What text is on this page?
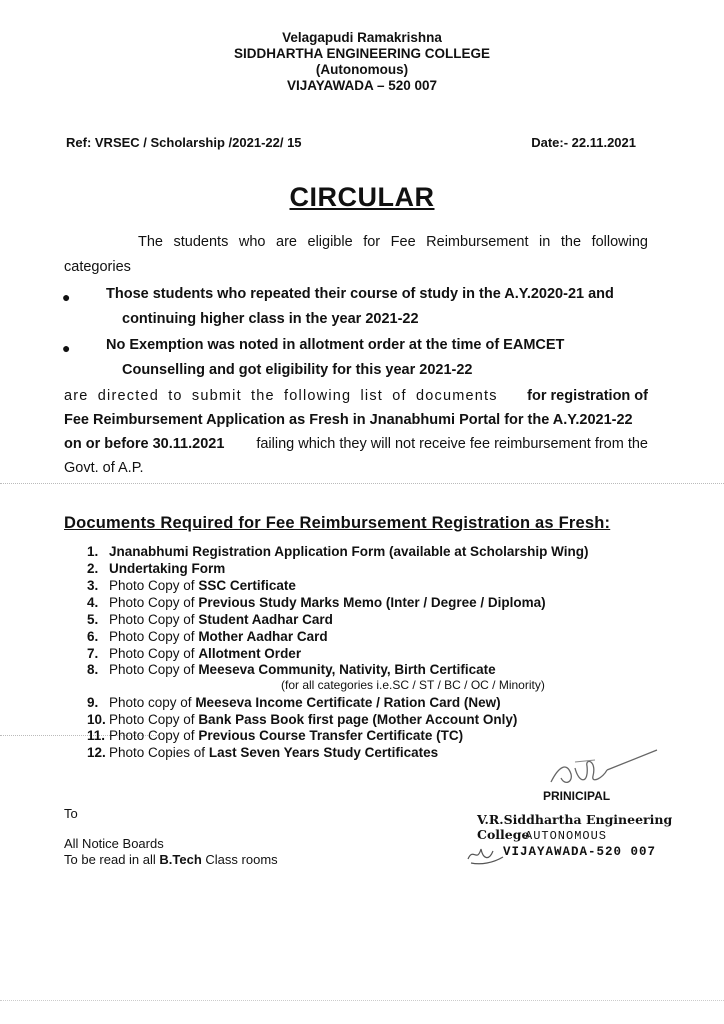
Velagapudi Ramakrishna
SIDDHARTHA ENGINEERING COLLEGE
(Autonomous)
VIJAYAWADA – 520 007
Ref: VRSEC / Scholarship /2021-22/ 15	Date:- 22.11.2021
CIRCULAR
The students who are eligible for Fee Reimbursement in the following
categories
● Those students who repeated their course of study in the A.Y.2020-21 and
continuing higher class in the year 2021-22
● No Exemption was noted in allotment order at the time of EAMCET
Counselling and got eligibility for this year 2021-22
are directed to submit the following list of documents for registration of
Fee Reimbursement Application as Fresh in Jnanabhumi Portal for the A.Y.2021-22
on or before 30.11.2021 failing which they will not receive fee reimbursement from the
Govt. of A.P.
Documents Required for Fee Reimbursement Registration as Fresh:
1. Jnanabhumi Registration Application Form (available at Scholarship Wing)
2. Undertaking Form
3. Photo Copy of SSC Certificate
4. Photo Copy of Previous Study Marks Memo (Inter / Degree / Diploma)
5. Photo Copy of Student Aadhar Card
6. Photo Copy of Mother Aadhar Card
7. Photo Copy of Allotment Order
8. Photo Copy of Meeseva Community, Nativity, Birth Certificate
(for all categories i.e.SC / ST / BC / OC / Minority)
9. Photo copy of Meeseva Income Certificate / Ration Card (New)
10. Photo Copy of Bank Pass Book first page (Mother Account Only)
11. Photo Copy of Previous Course Transfer Certificate (TC)
12. Photo Copies of Last Seven Years Study Certificates
To
All Notice Boards
To be read in all B.Tech Class rooms
PRINICIPAL
V.R.Siddhartha Engineering College
AUTONOMOUS
VIJAYAWADA-520 007
